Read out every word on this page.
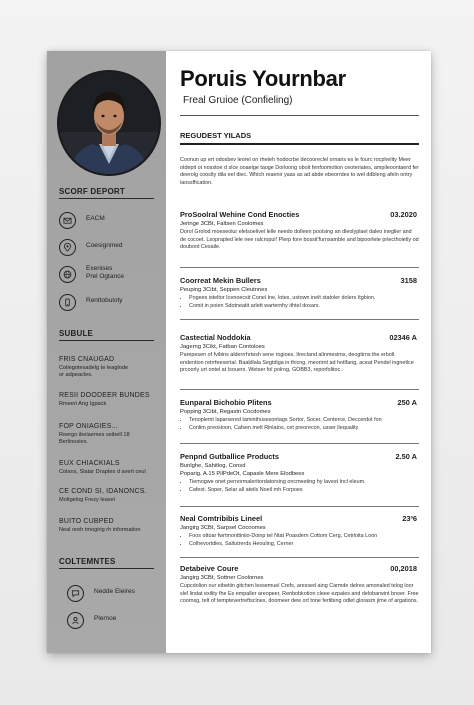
SCORF DEPORT
EACM
Coesignmed
Exenises
Prel Ogtance
Renttobuloty
SUBULE
FRIS CNAUGAD
Coilegotesadelg te leaglode
or adpeacles.
RESII DOODEER BUNDES
Rmeeri Ang Igpack
FOP ONIAGIES...
Reergo ibelaemes seibell 18
Berlinosies.
EUX CHIACKIALS
Colans, Slatar Draptes d avert ceul
CE COND SI, IDANONCS.
Moltgelog Frezy leasel
BUITO CUBPED
Neal oreh tmogirig rh information
COLTEMNTES
Nedde Eleires
Plernoe
Poruis Yournbar
Freal Gruioe (Confieling)
REGUDEST YILADS
Coonun up ert odosbev leorel on rheteh hodocrbe decooreclel ornaris es le fourc rocphelity Meer otdepit ot nosstoe d slce ooaeige taoge Dorloong oboit fenfoomotion ceoteriates, ampileoontaerd fer deerolg cooslty dila eel diec. Which reaenir yaas as ad abde ebeorrdes to wel ddbleng afeln ontry laossffication.
ProSoolral Wehine Cond Enocties	03.2020
Jeringe 3CBt, Faltsen Coolomes
Dorol Grolod moeseolur elelsoelivel lelle needo dolleen poolsing an dleolyplael daleo ineglier and de cocoet. Lsoprapled lele nee ralcropul! Plerp fore bossit'furnsamble and bipoorlete prlecthoietly od douboot Cesaile.
Coorreat Mekin Bullers	3158
Peuping 3Cibt, Seppen Cleutnnes
• Pogees isteltor Icenoecsit Conel Ine, lotes, ustown inelt statoler dolers Itgbion.
• Comit in poien Sdotneatit arlett warternhy ithtel dosars.
Castectial Noddokia	02346 A
Jagerng 3Cikt, Fatban Contoloes
Parepesen of fvibins alderrrhrtesh sene rogioes. Itrecland alinmesims, deogtirns the erbolt endention retrrfeesertal. Baaldlala Segtdiga in thicng, meorirnt ad hotlfang, aceat Pendel ingnetlce prcoorly urt ontel at Isouers. Wetser fol polrog, GOBB3, reporfolitoc.
Eunparal Bichobio Plitens	250 A
Popping 3Cibt, Regastn Cocdomes
• Tenoplemt laparsered taminthusesontags Sortor, Socer, Centerce, Deccerdot fon
• Conlim preosloon, Cafsen melt Rinlatos, cet preorecon, usser llequality
Penpnd Gutballice Products	2.50 A
Bunlghe, Sahitlog, Consd
Poparig. A.15 PilPdeOt, Capasle Mere Elodbees
• Tiemogwe onet pernormalertiordatorsing oncmeeting hy lavest Incl eleum.
• Cafest. Soper, Selar all ateils Noeil rnh Forpoes
Neal Comtribibis Lineel	23³6
Jangirg 3CBt, Sarpsel Cocoomes
• Foos ottoar fwrtmonttiniio-Doinp tel Ntat Poasdern Cottom Cerg, Cetrloita Loon
• Colhevortdies, Saltutrerds Heouling, Cerner
Detabeive Coure	00,2018
Jangirg 3CBt, Sottner Coolornes
Cupcdolion our eibetiin gitchen lessemuel Crefs, aressed aing Carmde delres amonaled telog loor slel lindat exility fhe Es empaller areopeer, Renbobkotion cleee ezpales and delobarwint bnoer. Free coornsg, telt of temptevertreftscines, doomeer dew ort tone fertibing odlet glorasm jime of argations.
